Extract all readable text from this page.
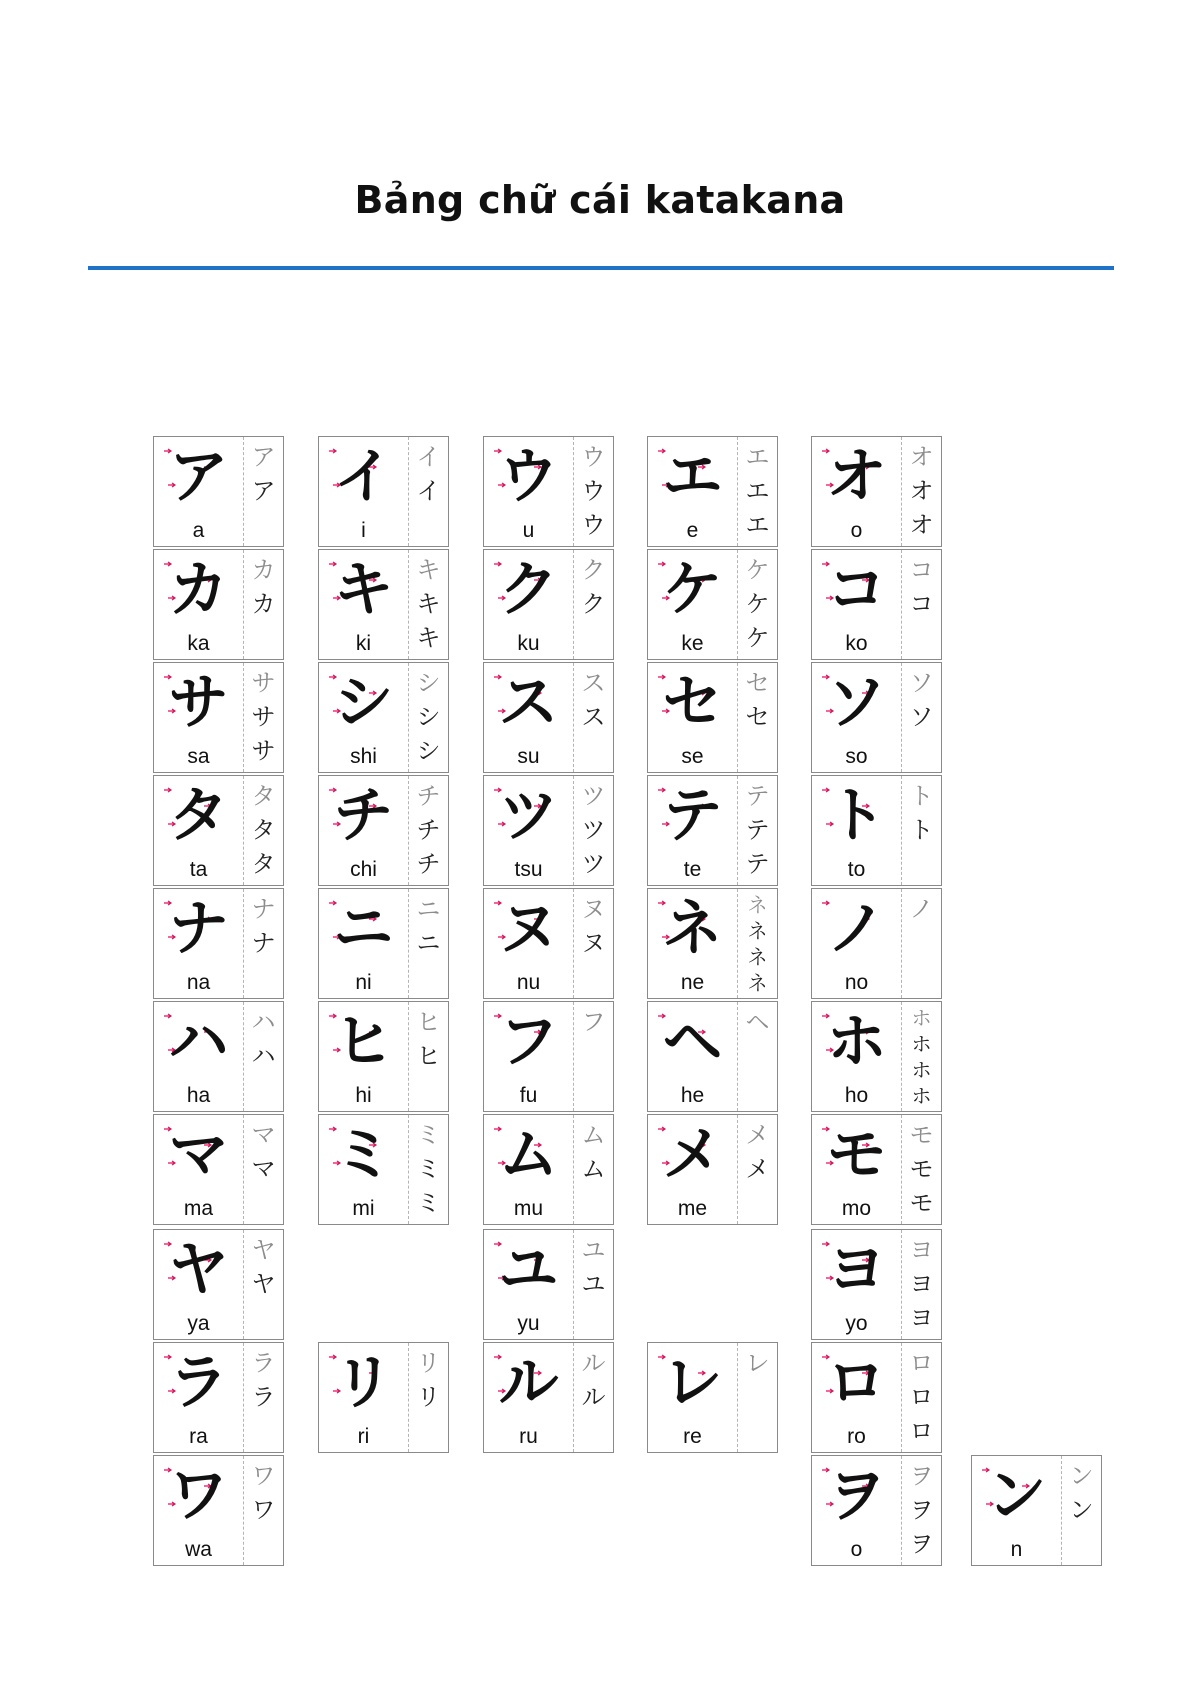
Bảng chữ cái katakana
ア
a
ア
ア イ
i
イ
イ ウ
u
ウ
ウ
ウ
エ
e
エ
エ
エ
オ
o
オ
オ
オ
カ
ka
カ
カ キ
ki
キ
キ
キ
ク
ku
ク
ク ケ
ke
ケ
ケ
ケ
コ
ko
コ
コ
サ
sa
サ
サ
サ
シ
shi
シ
シ
シ
ス
su
ス
ス セ
se
セ
セ ソ
so
ソ
ソ
タ
ta
タ
タ
タ
チ
chi
チ
チ
チ
ツ
tsu
ツ
ツ
ツ
テ
te
テ
テ
テ
ト
to
ト
ト
ナ
na
ナ
ナ ニ
ni
ニ
ニ ヌ
nu
ヌ
ヌ ネ
ne
ネ
ネ
ネ
ネ
ノ
no
ノ
ハ
ha
ハ
ハ ヒ
hi
ヒ
ヒ フ
fu
フ ヘ
he
ヘ ホ
ho
ホ
ホ
ホ
ホ
マ
ma
マ
マ ミ
mi
ミ
ミ
ミ
ム
mu
ム
ム メ
me
メ
メ モ
mo
モ
モ
モ
ヤ
ya
ヤ
ヤ	ユ
yu
ユ
ユ	ヨ
yo
ヨ
ヨ
ヨ
ラ
ra
ラ
ラ リ
ri
リ
リ ル
ru
ル
ル レ
re
レ ロ
ro
ロ
ロ
ロ
ワ
wa
ワ
ワ	ヲ
o
ヲ
ヲ
ヲ
ン
n
ン
ン
